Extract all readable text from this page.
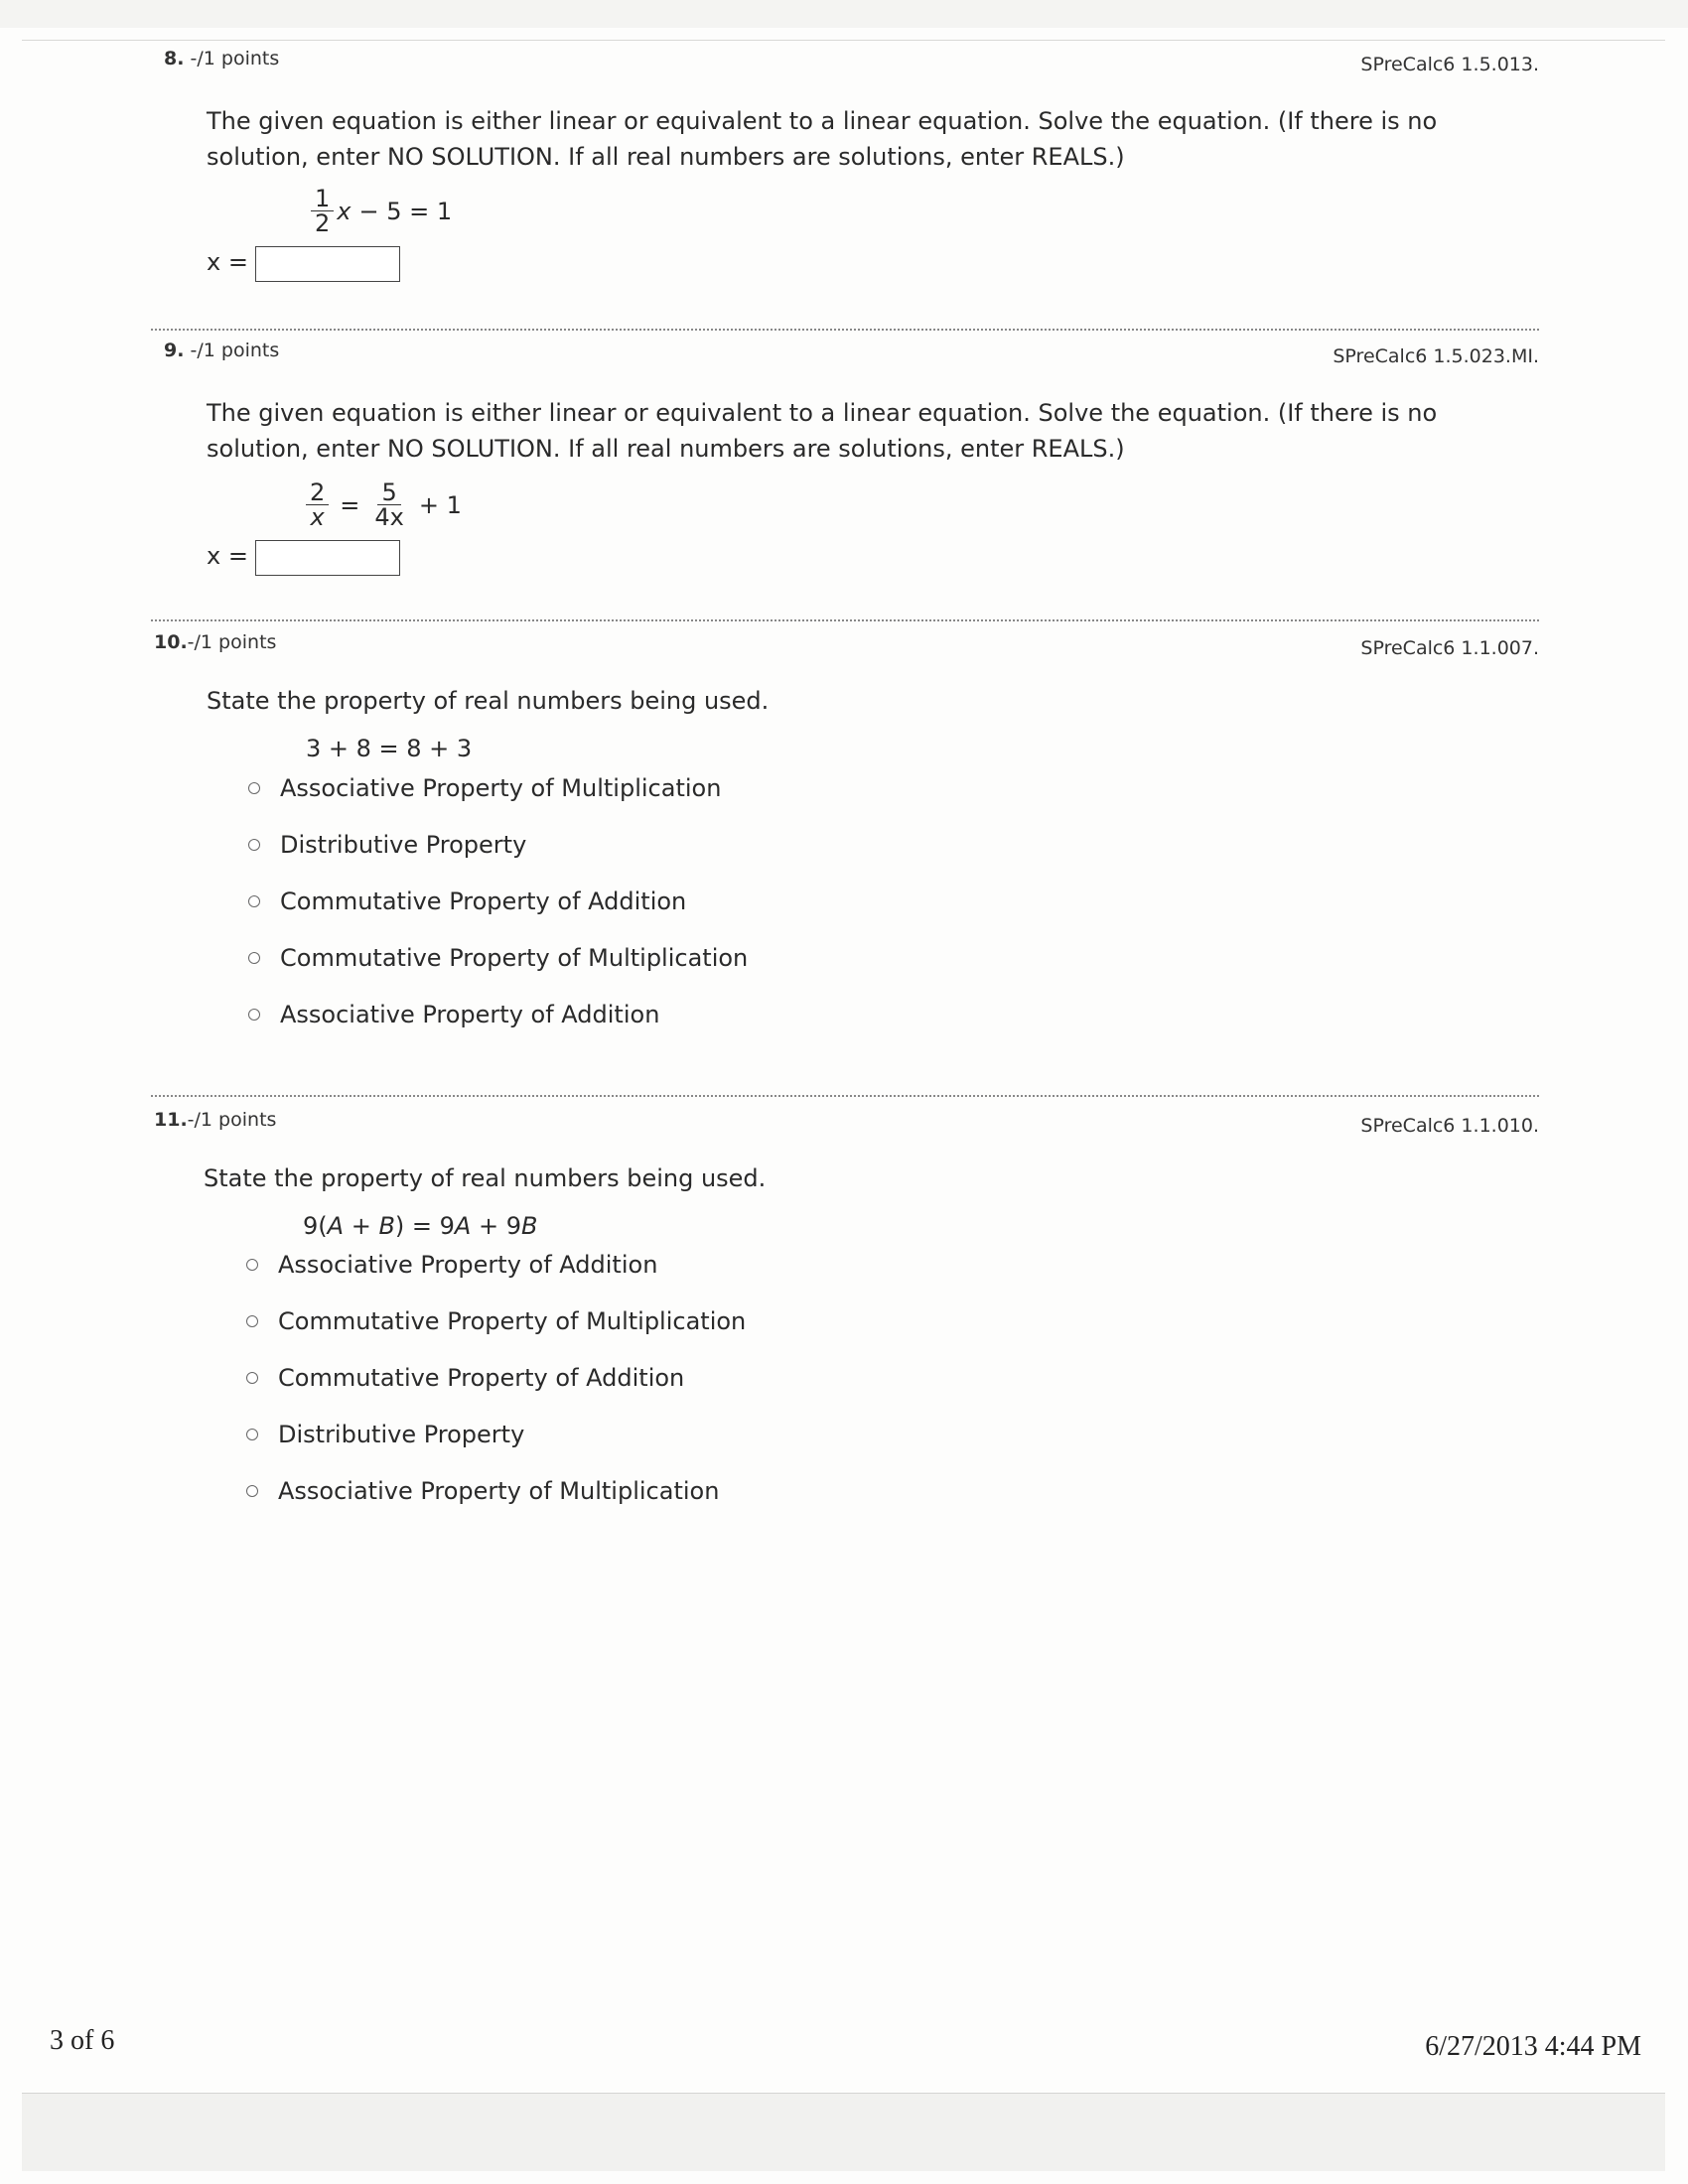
8. -/1 points	SPreCalc6 1.5.013.
The given equation is either linear or equivalent to a linear equation. Solve the equation. (If there is no solution, enter NO SOLUTION. If all real numbers are solutions, enter REALS.)
$\frac{1}{2}$ x − 5 = 1
x =
9. -/1 points	SPreCalc6 1.5.023.MI.
The given equation is either linear or equivalent to a linear equation. Solve the equation. (If there is no solution, enter NO SOLUTION. If all real numbers are solutions, enter REALS.)
$\frac{2}{x} = \frac{5}{4x} + 1$
x =
10.-/1 points	SPreCalc6 1.1.007.
State the property of real numbers being used.
3 + 8 = 8 + 3
Associative Property of Multiplication
Distributive Property
Commutative Property of Addition
Commutative Property of Multiplication
Associative Property of Addition
11.-/1 points	SPreCalc6 1.1.010.
State the property of real numbers being used.
9( A + B ) = 9 A + 9 B
Associative Property of Addition
Commutative Property of Multiplication
Commutative Property of Addition
Distributive Property
Associative Property of Multiplication
3 of 6	6/27/2013 4:44 PM
